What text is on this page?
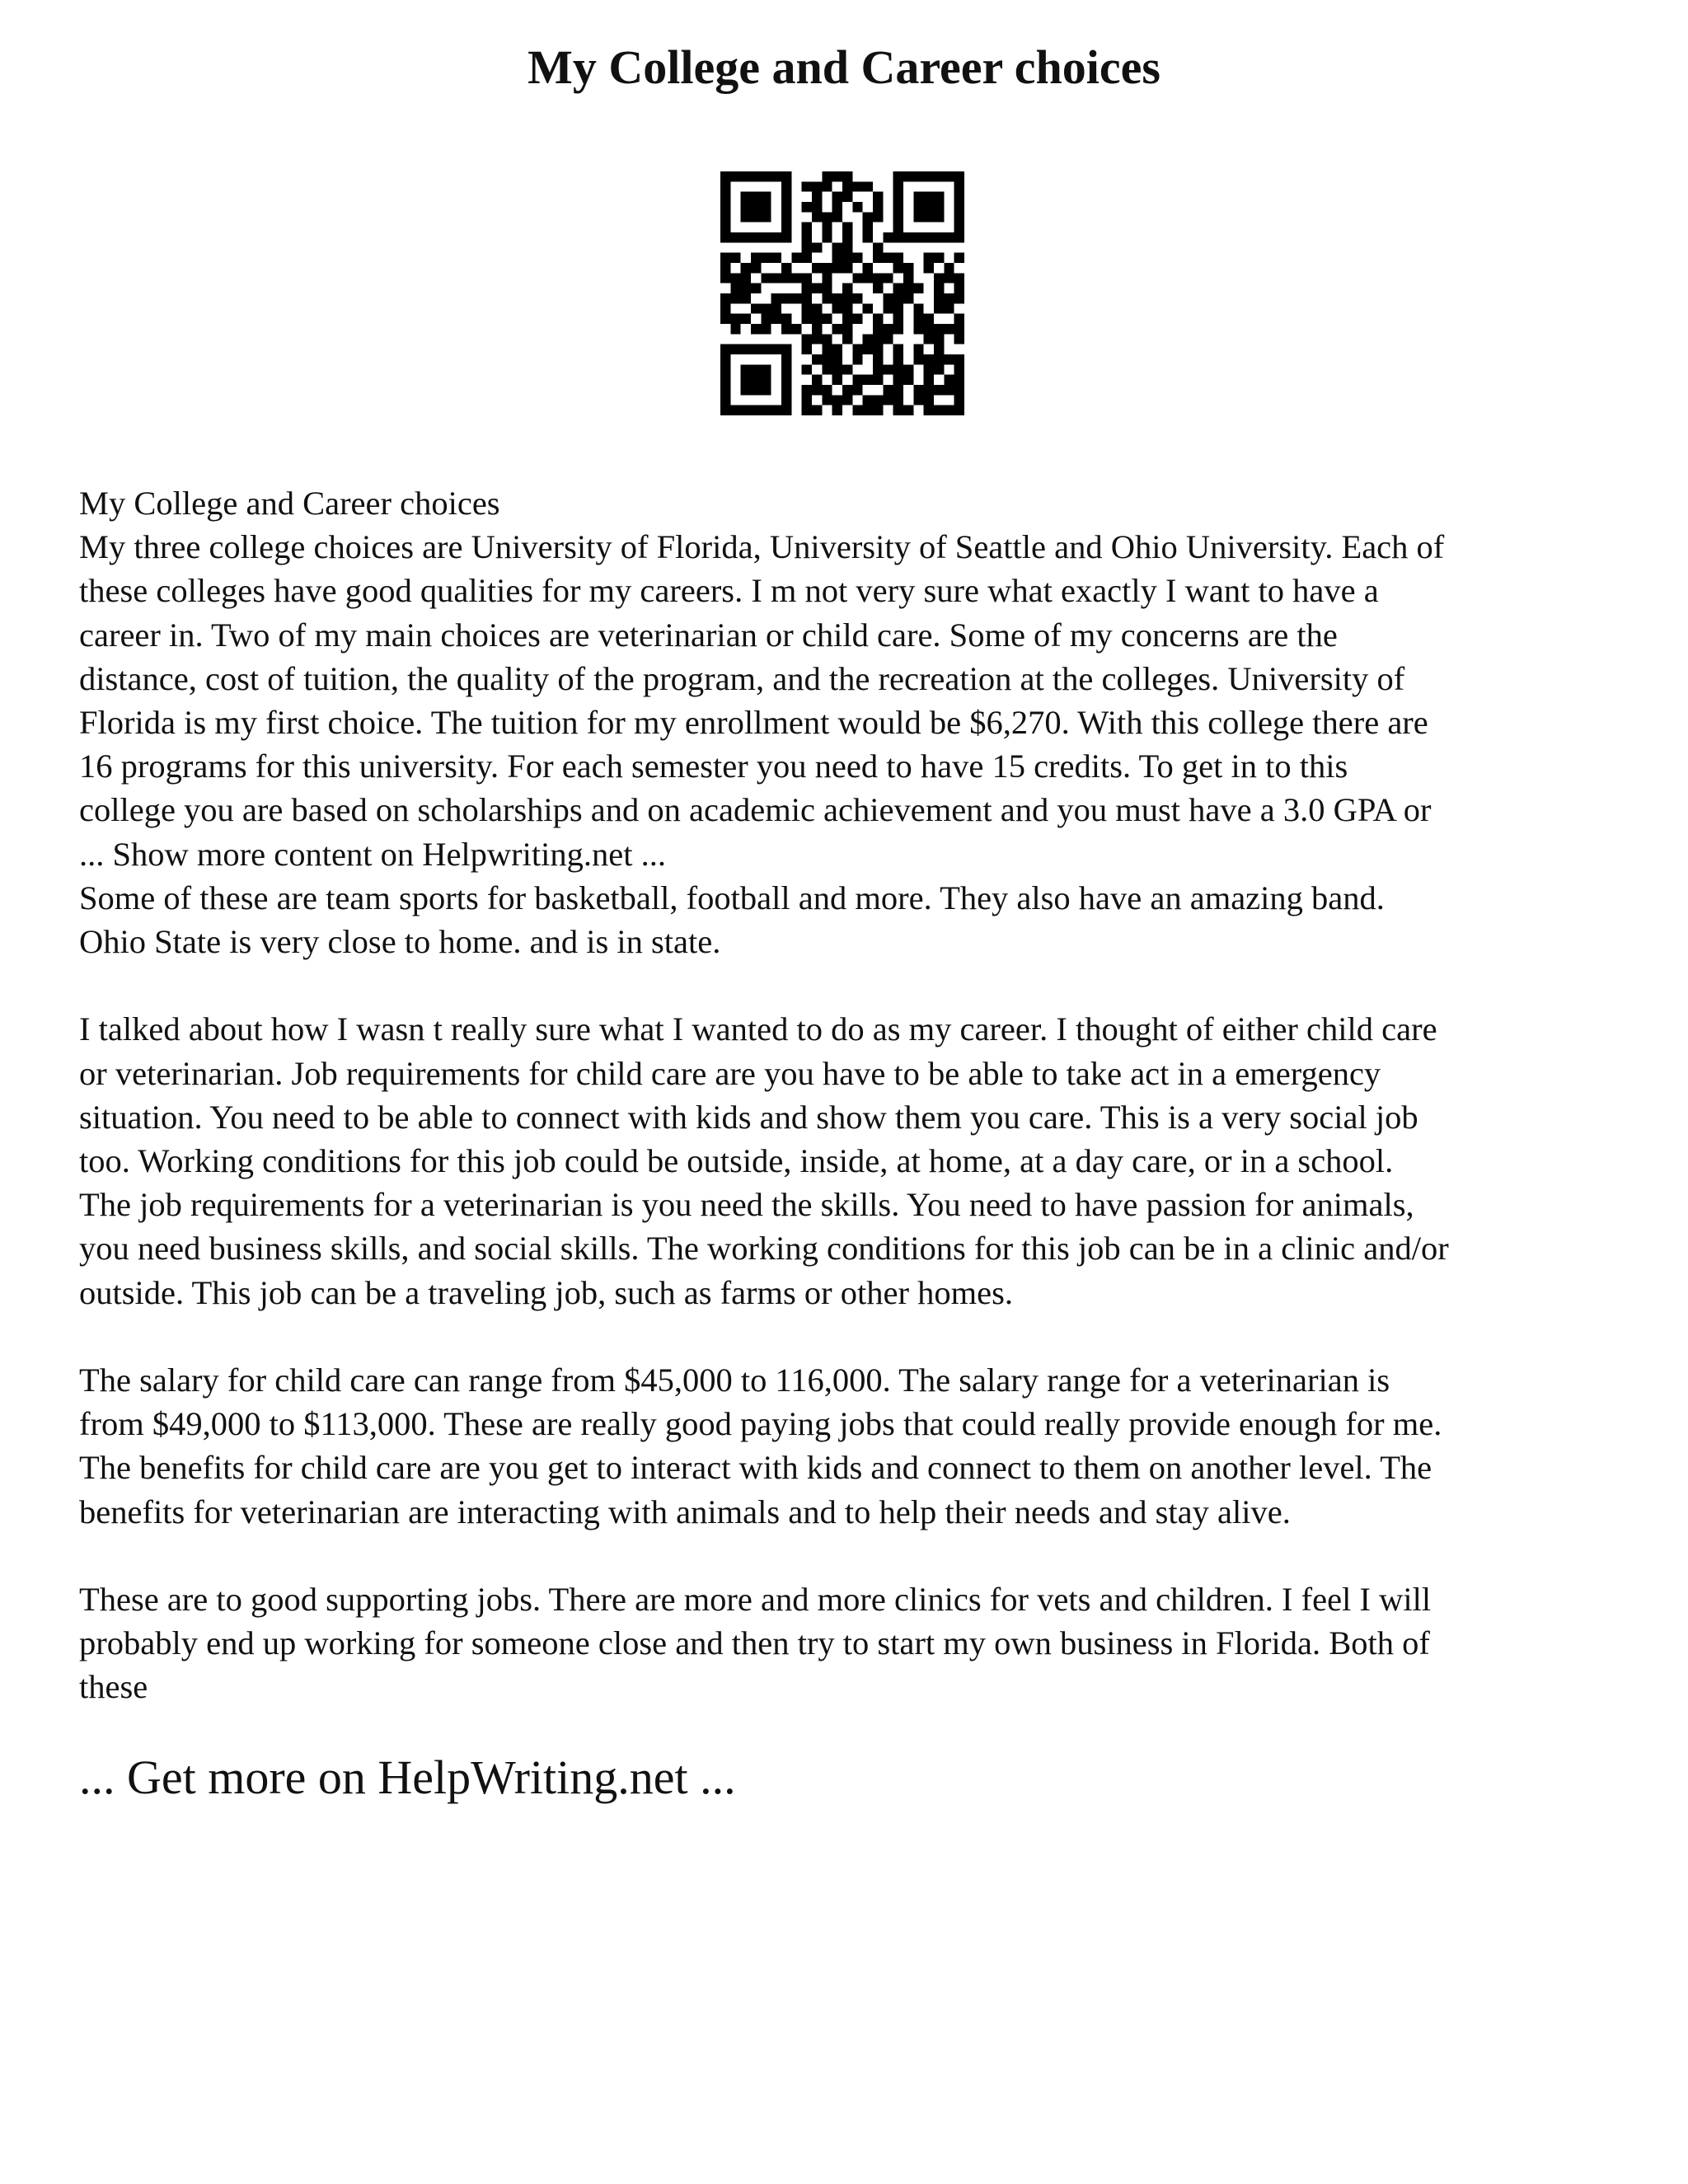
My College and Career choices
My College and Career choices
My three college choices are University of Florida, University of Seattle and Ohio University. Each of
these colleges have good qualities for my careers. I m not very sure what exactly I want to have a
career in. Two of my main choices are veterinarian or child care. Some of my concerns are the
distance, cost of tuition, the quality of the program, and the recreation at the colleges. University of
Florida is my first choice. The tuition for my enrollment would be $6,270. With this college there are
16 programs for this university. For each semester you need to have 15 credits. To get in to this
college you are based on scholarships and on academic achievement and you must have a 3.0 GPA or
... Show more content on Helpwriting.net ...
Some of these are team sports for basketball, football and more. They also have an amazing band.
Ohio State is very close to home. and is in state.
I talked about how I wasn t really sure what I wanted to do as my career. I thought of either child care
or veterinarian. Job requirements for child care are you have to be able to take act in a emergency
situation. You need to be able to connect with kids and show them you care. This is a very social job
too. Working conditions for this job could be outside, inside, at home, at a day care, or in a school.
The job requirements for a veterinarian is you need the skills. You need to have passion for animals,
you need business skills, and social skills. The working conditions for this job can be in a clinic and/or
outside. This job can be a traveling job, such as farms or other homes.
The salary for child care can range from $45,000 to 116,000. The salary range for a veterinarian is
from $49,000 to $113,000. These are really good paying jobs that could really provide enough for me.
The benefits for child care are you get to interact with kids and connect to them on another level. The
benefits for veterinarian are interacting with animals and to help their needs and stay alive.
These are to good supporting jobs. There are more and more clinics for vets and children. I feel I will
probably end up working for someone close and then try to start my own business in Florida. Both of
these
... Get more on HelpWriting.net ...
